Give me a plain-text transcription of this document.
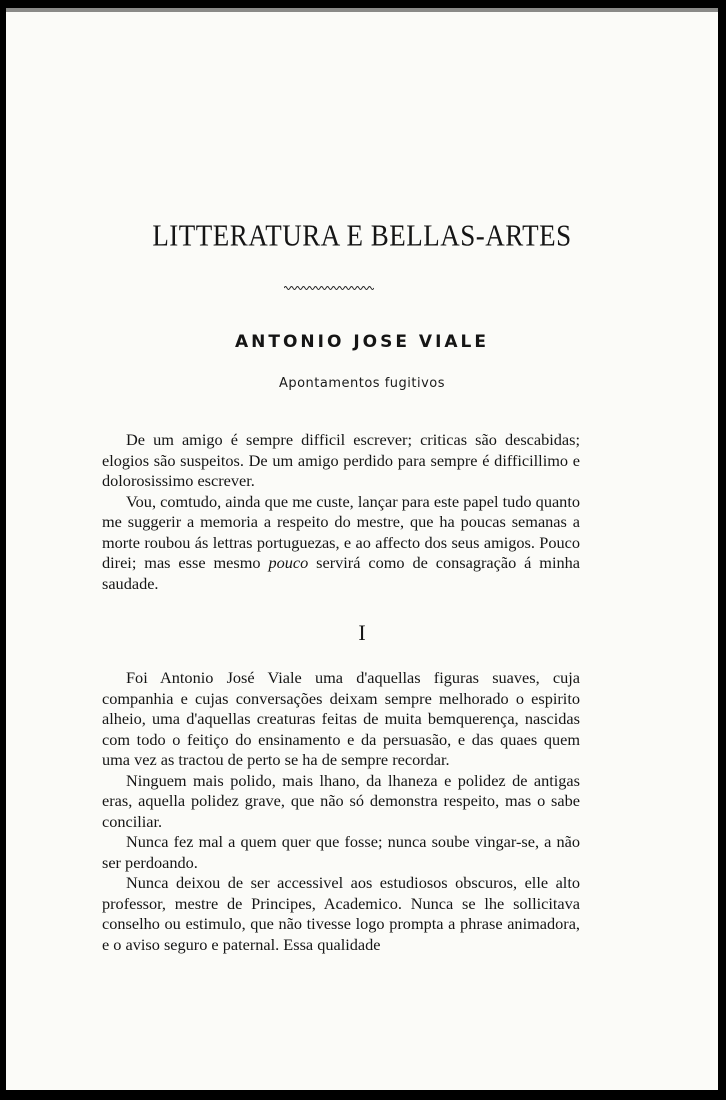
LITTERATURA E BELLAS-ARTES
ANTONIO JOSE VIALE
Apontamentos fugitivos

De um amigo é sempre difficil escrever; criticas são descabidas; elogios são suspeitos. De um amigo perdido para sempre é difficillimo e dolorosissimo escrever.

Vou, comtudo, ainda que me custe, lançar para este papel tudo quanto me suggerir a memoria a respeito do mestre, que ha poucas semanas a morte roubou ás lettras portuguezas, e ao affecto dos seus amigos. Pouco direi; mas esse mesmo pouco servirá como de consagração á minha saudade.

I

Foi Antonio José Viale uma d'aquellas figuras suaves, cuja companhia e cujas conversações deixam sempre melhorado o espirito alheio, uma d'aquellas creaturas feitas de muita bemquerença, nascidas com todo o feitiço do ensinamento e da persuasão, e das quaes quem uma vez as tractou de perto se ha de sempre recordar.

Ninguem mais polido, mais lhano, da lhaneza e polidez de antigas eras, aquella polidez grave, que não só demonstra respeito, mas o sabe conciliar.

Nunca fez mal a quem quer que fosse; nunca soube vingar-se, a não ser perdoando.

Nunca deixou de ser accessivel aos estudiosos obscuros, elle alto professor, mestre de Principes, Academico. Nunca se lhe sollicitava conselho ou estimulo, que não tivesse logo prompta a phrase animadora, e o aviso seguro e paternal. Essa qualidade
